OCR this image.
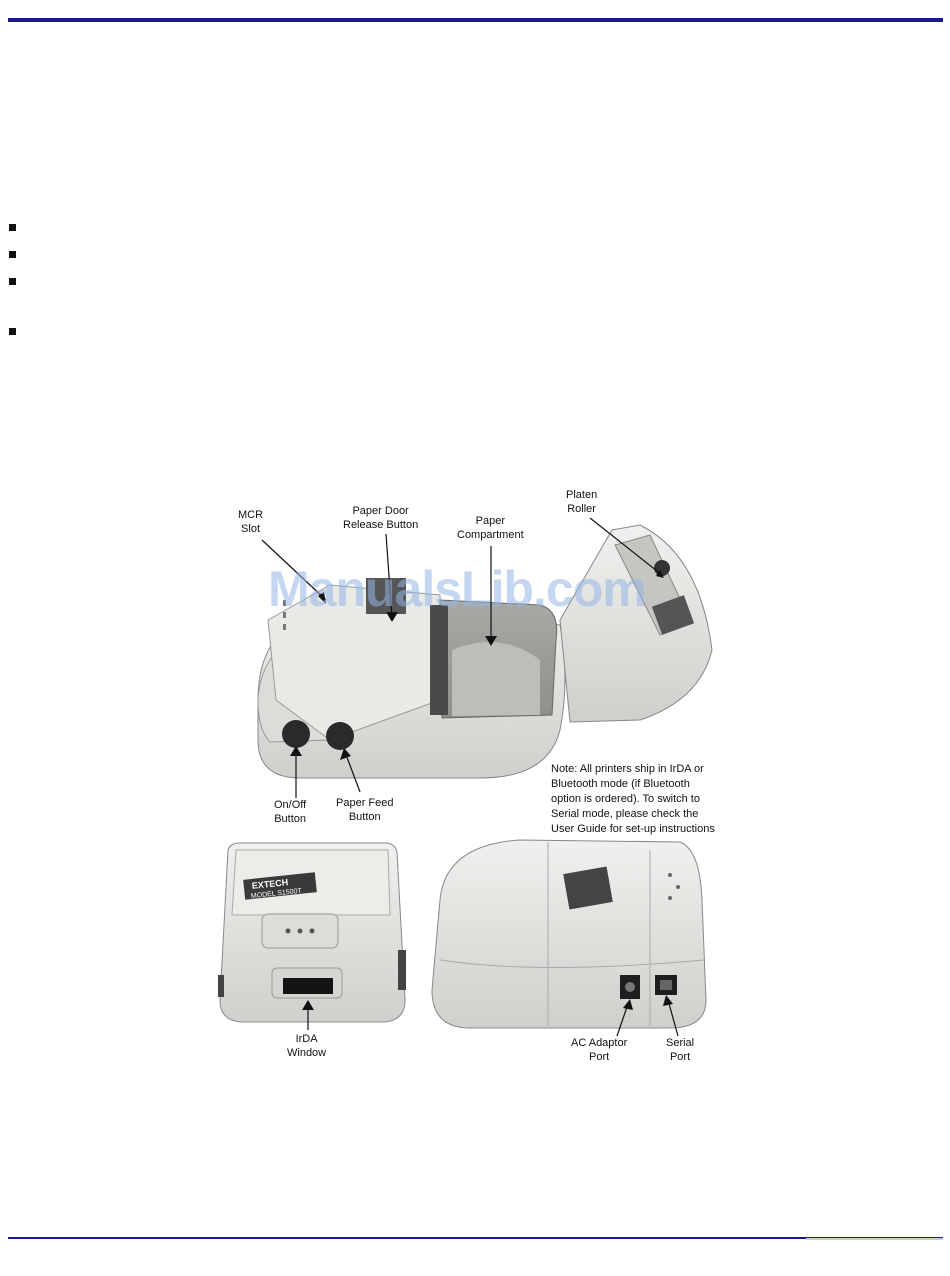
EXTECH
MODEL S1500T
MCR
Slot
Paper Door
Release Button	Paper
Compartment
Platen
Roller
On/Off
Button
Paper Feed
Button
IrDA
Window
AC Adaptor
Port
Serial
Port
Note: All printers ship in IrDA or
Bluetooth mode (if Bluetooth
option is ordered). To switch to
Serial mode, please check the
User Guide for set-up instructions
ManualsLib.com
